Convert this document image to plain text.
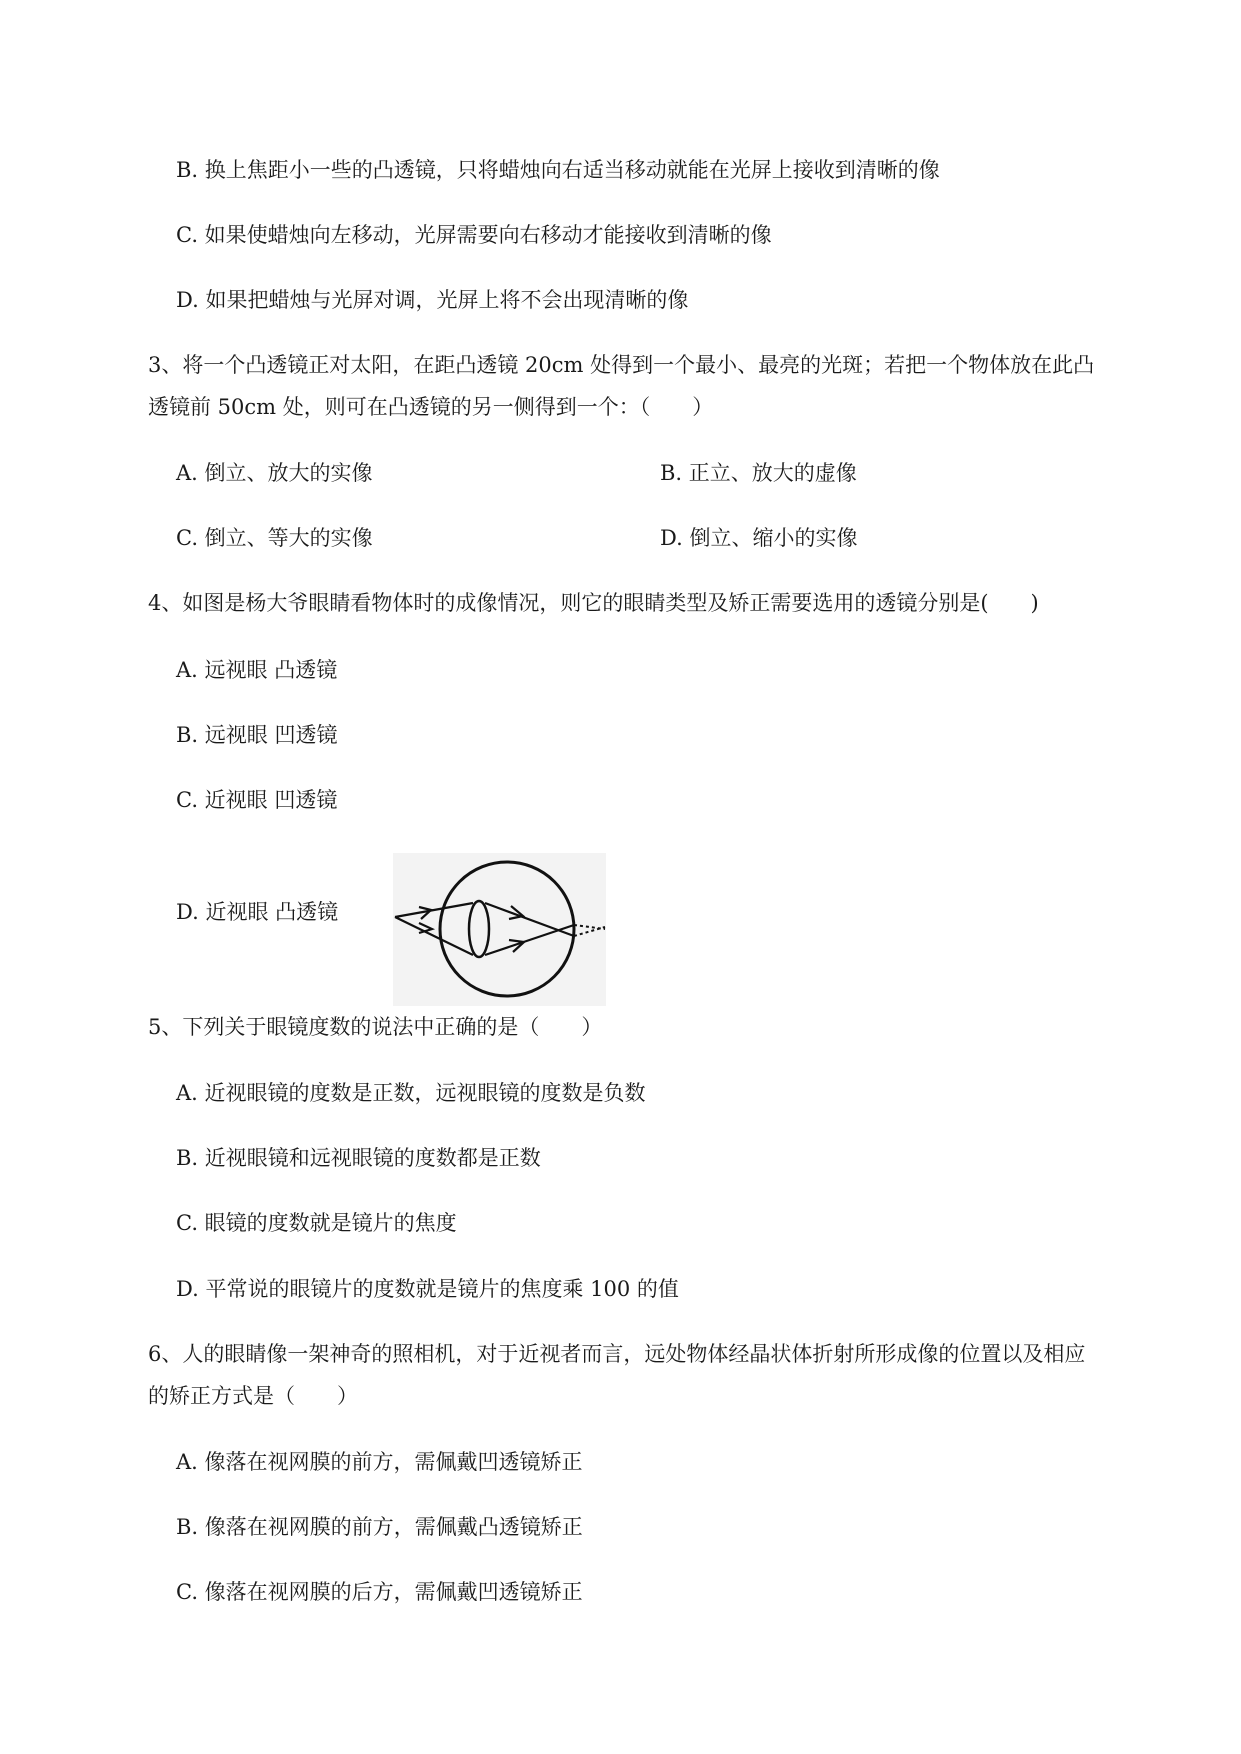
B. 换上焦距小一些的凸透镜，只将蜡烛向右适当移动就能在光屏上接收到清晰的像
C. 如果使蜡烛向左移动，光屏需要向右移动才能接收到清晰的像
D. 如果把蜡烛与光屏对调，光屏上将不会出现清晰的像
3、将一个凸透镜正对太阳，在距凸透镜 20cm 处得到一个最小、最亮的光斑；若把一个物体放在此凸
透镜前 50cm 处，则可在凸透镜的另一侧得到一个：（　　）
A. 倒立、放大的实像	B. 正立、放大的虚像
C. 倒立、等大的实像	D. 倒立、缩小的实像
4、如图是杨大爷眼睛看物体时的成像情况，则它的眼睛类型及矫正需要选用的透镜分别是(　　)
A. 远视眼 凸透镜
B. 远视眼 凹透镜
C. 近视眼 凹透镜
D. 近视眼 凸透镜
5、下列关于眼镜度数的说法中正确的是（　　）
A. 近视眼镜的度数是正数，远视眼镜的度数是负数
B. 近视眼镜和远视眼镜的度数都是正数
C. 眼镜的度数就是镜片的焦度
D. 平常说的眼镜片的度数就是镜片的焦度乘 100 的值
6、人的眼睛像一架神奇的照相机，对于近视者而言，远处物体经晶状体折射所形成像的位置以及相应
的矫正方式是（　　）
A. 像落在视网膜的前方，需佩戴凹透镜矫正
B. 像落在视网膜的前方，需佩戴凸透镜矫正
C. 像落在视网膜的后方，需佩戴凹透镜矫正
